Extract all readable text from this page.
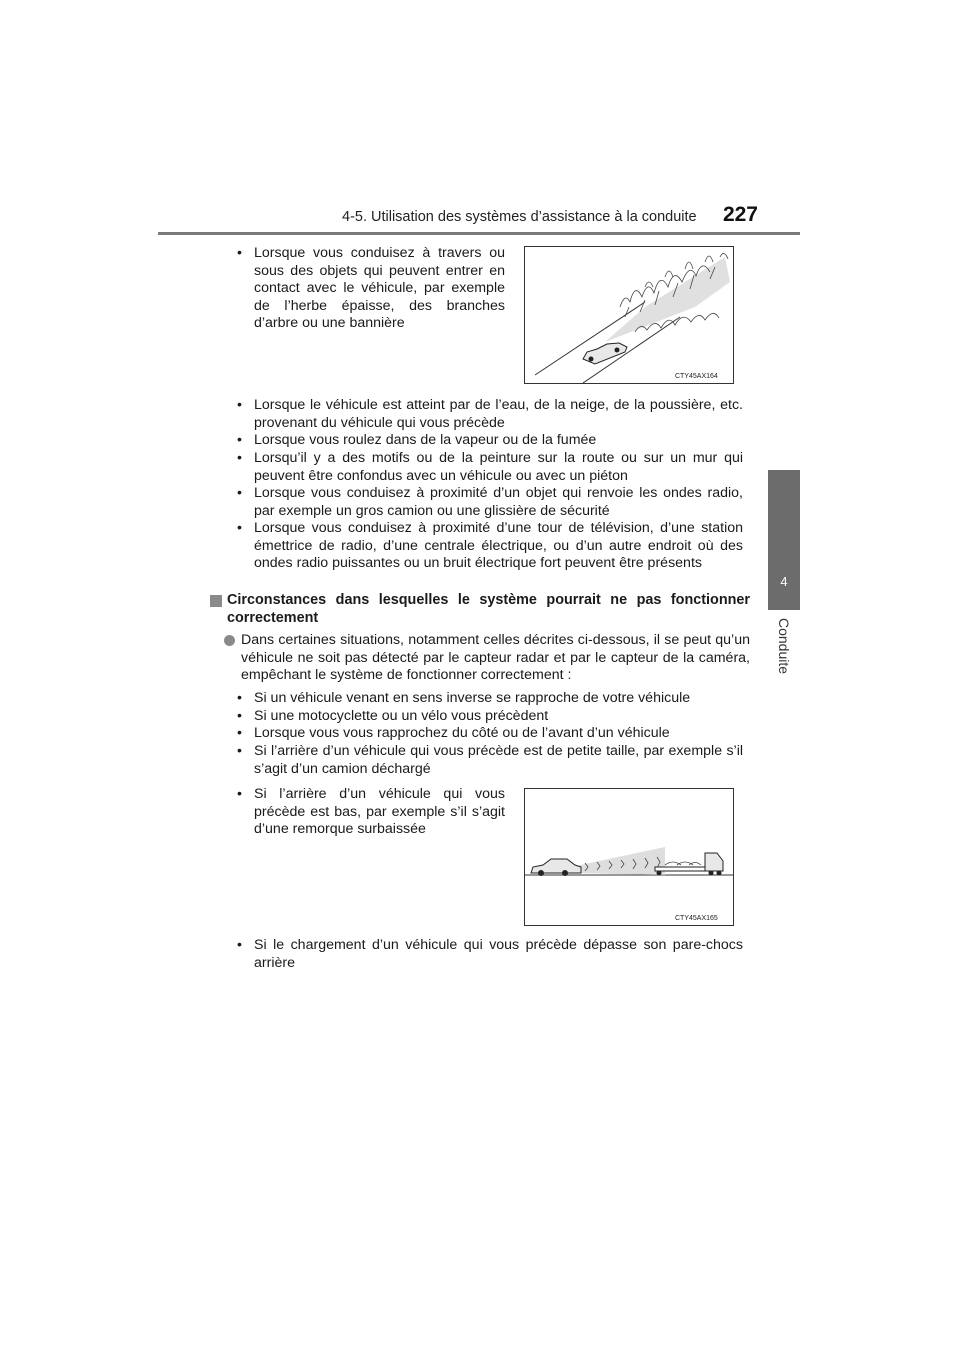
4-5. Utilisation des systèmes d’assistance à la conduite 227
4
Conduite
• Lorsque vous conduisez à travers ou sous des objets qui peuvent entrer en contact avec le véhicule, par exemple de l’herbe épaisse, des branches d’arbre ou une bannière
CTY45AX164
• Lorsque le véhicule est atteint par de l’eau, de la neige, de la poussière, etc. provenant du véhicule qui vous précède
• Lorsque vous roulez dans de la vapeur ou de la fumée
• Lorsqu’il y a des motifs ou de la peinture sur la route ou sur un mur qui peuvent être confondus avec un véhicule ou avec un piéton
• Lorsque vous conduisez à proximité d’un objet qui renvoie les ondes radio, par exemple un gros camion ou une glissière de sécurité
• Lorsque vous conduisez à proximité d’une tour de télévision, d’une station émettrice de radio, d’une centrale électrique, ou d’un autre endroit où des ondes radio puissantes ou un bruit électrique fort peuvent être présents
Circonstances dans lesquelles le système pourrait ne pas fonctionner correctement
Dans certaines situations, notamment celles décrites ci-dessous, il se peut qu’un véhicule ne soit pas détecté par le capteur radar et par le capteur de la caméra, empêchant le système de fonctionner correctement :
• Si un véhicule venant en sens inverse se rapproche de votre véhicule
• Si une motocyclette ou un vélo vous précèdent
• Lorsque vous vous rapprochez du côté ou de l’avant d’un véhicule
• Si l’arrière d’un véhicule qui vous précède est de petite taille, par exemple s’il s’agit d’un camion déchargé
• Si l’arrière d’un véhicule qui vous précède est bas, par exemple s’il s’agit d’une remorque surbaissée
CTY45AX165
• Si le chargement d’un véhicule qui vous précède dépasse son pare-chocs arrière
